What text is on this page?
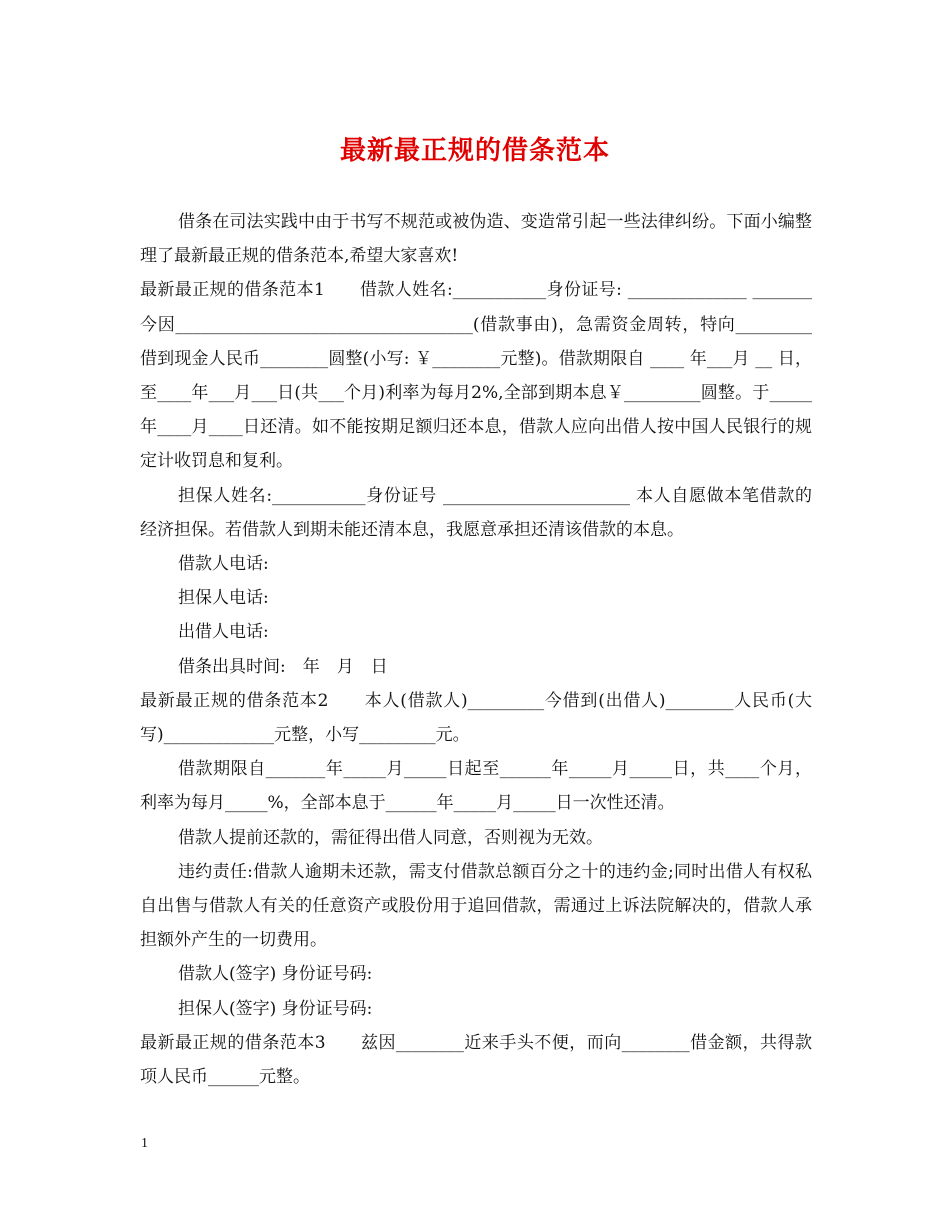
最新最正规的借条范本

借条在司法实践中由于书写不规范或被伪造、变造常引起一些法律纠纷。下面小编整理了最新最正规的借条范本,希望大家喜欢!

最新最正规的借条范本1　　借款人姓名:___________身份证号: ______________ _______ 今因___________________________________(借款事由)，急需资金周转，特向_________借到现金人民币________圆整(小写: ￥________元整)。借款期限自 ____ 年___月 __ 日， 至____年___月___日(共___个月)利率为每月2%,全部到期本息￥_________圆整。于_____年____月____日还清。如不能按期足额归还本息，借款人应向出借人按中国人民银行的规定计收罚息和复利。

担保人姓名:___________身份证号 ______________________ 本人自愿做本笔借款的经济担保。若借款人到期未能还清本息，我愿意承担还清该借款的本息。

借款人电话:

担保人电话:

出借人电话:

借条出具时间:　年　月　日

最新最正规的借条范本2　　本人(借款人)_________今借到(出借人)________人民币(大写)_____________元整，小写_________元。

借款期限自_______年_____月_____日起至______年_____月_____日，共____个月，利率为每月_____%，全部本息于______年_____月_____日一次性还清。

借款人提前还款的，需征得出借人同意，否则视为无效。

违约责任:借款人逾期未还款，需支付借款总额百分之十的违约金;同时出借人有权私自出售与借款人有关的任意资产或股份用于追回借款，需通过上诉法院解决的，借款人承担额外产生的一切费用。

借款人(签字) 身份证号码:

担保人(签字) 身份证号码:

最新最正规的借条范本3　　兹因________近来手头不便，而向________借金额，共得款项人民币______元整。

1
